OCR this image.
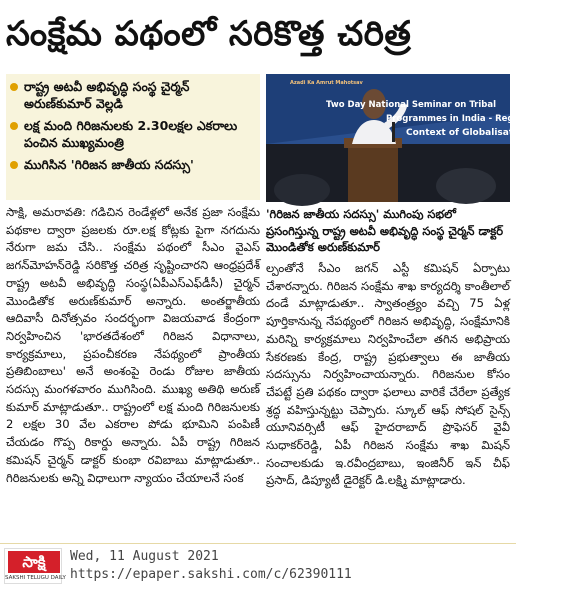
సంక్షేమ పథంలో సరికొత్త చరిత్ర
రాష్ట్ర అటవీ అభివృద్ధి సంస్థ చైర్మన్ అరుణ్‌కుమార్ వెల్లడి
లక్ష మంది గిరిజనులకు 2.30లక్షల ఎకరాలు పంచిన ముఖ్యమంత్రి
ముగిసిన 'గిరిజన జాతీయ సదస్సు'
Azadi Ka Amrut Mahotsav
Two Day National Seminar on Tribal
Programmes in India - Regional Realities
Context of Globalisation
'గిరిజన జాతీయ సదస్సు' ముగింపు సభలో ప్రసంగిస్తున్న రాష్ట్ర అటవీ అభివృద్ధి సంస్థ చైర్మన్ డాక్టర్ మొండితోక అరుణ్‌కుమార్

సాక్షి, అమరావతి: గడిచిన రెండేళ్లలో అనేక ప్రజా సంక్షేమ పథకాల ద్వారా ప్రజలకు రూ.లక్ష కోట్లకు పైగా నగదును నేరుగా జమ చేసి.. సంక్షేమ పథంలో సీఎం వైఎస్ జగన్‌మోహన్‌రెడ్డి సరికొత్త చరిత్ర సృష్టించారని ఆంధ్రప్రదేశ్ రాష్ట్ర అటవీ అభివృద్ధి సంస్థ(ఏపీఎస్‌ఎఫ్‌డీసీ) చైర్మన్ మొండితోక అరుణ్‌కుమార్ అన్నారు. అంతర్జాతీయ ఆదివాసీ దినోత్సవం సందర్భంగా విజయవాడ కేంద్రంగా నిర్వహించిన 'భారతదేశంలో గిరిజన విధానాలు, కార్యక్రమాలు, ప్రపంచీకరణ నేపథ్యంలో ప్రాంతీయ ప్రతిబింబాలు' అనే అంశంపై రెండు రోజుల జాతీయ సదస్సు మంగళవారం ముగిసింది. ముఖ్య అతిథి అరుణ్ కుమార్ మాట్లాడుతూ.. రాష్ట్రంలో లక్ష మంది గిరిజనులకు 2 లక్షల 30 వేల ఎకరాల పోడు భూమిని పంపిణీ చేయడం గొప్ప రికార్డు అన్నారు. ఏపీ రాష్ట్ర గిరిజన కమిషన్ చైర్మన్ డాక్టర్ కుంభా రవిబాబు మాట్లాడుతూ.. గిరిజనులకు అన్ని విధాలుగా న్యాయం చేయాలనే సంక

ల్పంతోనే సీఎం జగన్ ఎస్టీ కమిషన్ ఏర్పాటు చేశారన్నారు. గిరిజన సంక్షేమ శాఖ కార్యదర్శి కాంతీలాల్ దండే మాట్లాడుతూ.. స్వాతంత్ర్యం వచ్చి 75 ఏళ్ల పూర్తికానున్న నేపథ్యంలో గిరిజన అభివృద్ధి, సంక్షేమానికి మరిన్ని కార్యక్రమాలు నిర్వహించేలా తగిన అభిప్రాయ సేకరణకు కేంద్ర, రాష్ట్ర ప్రభుత్వాలు ఈ జాతీయ సదస్సును నిర్వహించాయన్నారు. గిరిజనుల కోసం చేపట్టే ప్రతి పథకం ద్వారా ఫలాలు వారికే చేరేలా ప్రత్యేక శ్రద్ధ వహిస్తున్నట్టు చెప్పారు. స్కూల్ ఆఫ్ సోషల్ సైన్స్ యూనివర్సిటీ ఆఫ్ హైదరాబాద్ ప్రొఫెసర్ వైవీ సుధాకర్‌రెడ్డి, ఏపీ గిరిజన సంక్షేమ శాఖ మిషన్ సంచాలకుడు ఇ.రవీంద్రబాబు, ఇంజినీర్ ఇన్ చీఫ్ ప్రసాద్, డిప్యూటీ డైరెక్టర్ డి.లక్ష్మి మాట్లాడారు.

సాక్షి
SAKSHI TELUGU DAILY
Wed, 11 August 2021
https://epaper.sakshi.com/c/62390111
